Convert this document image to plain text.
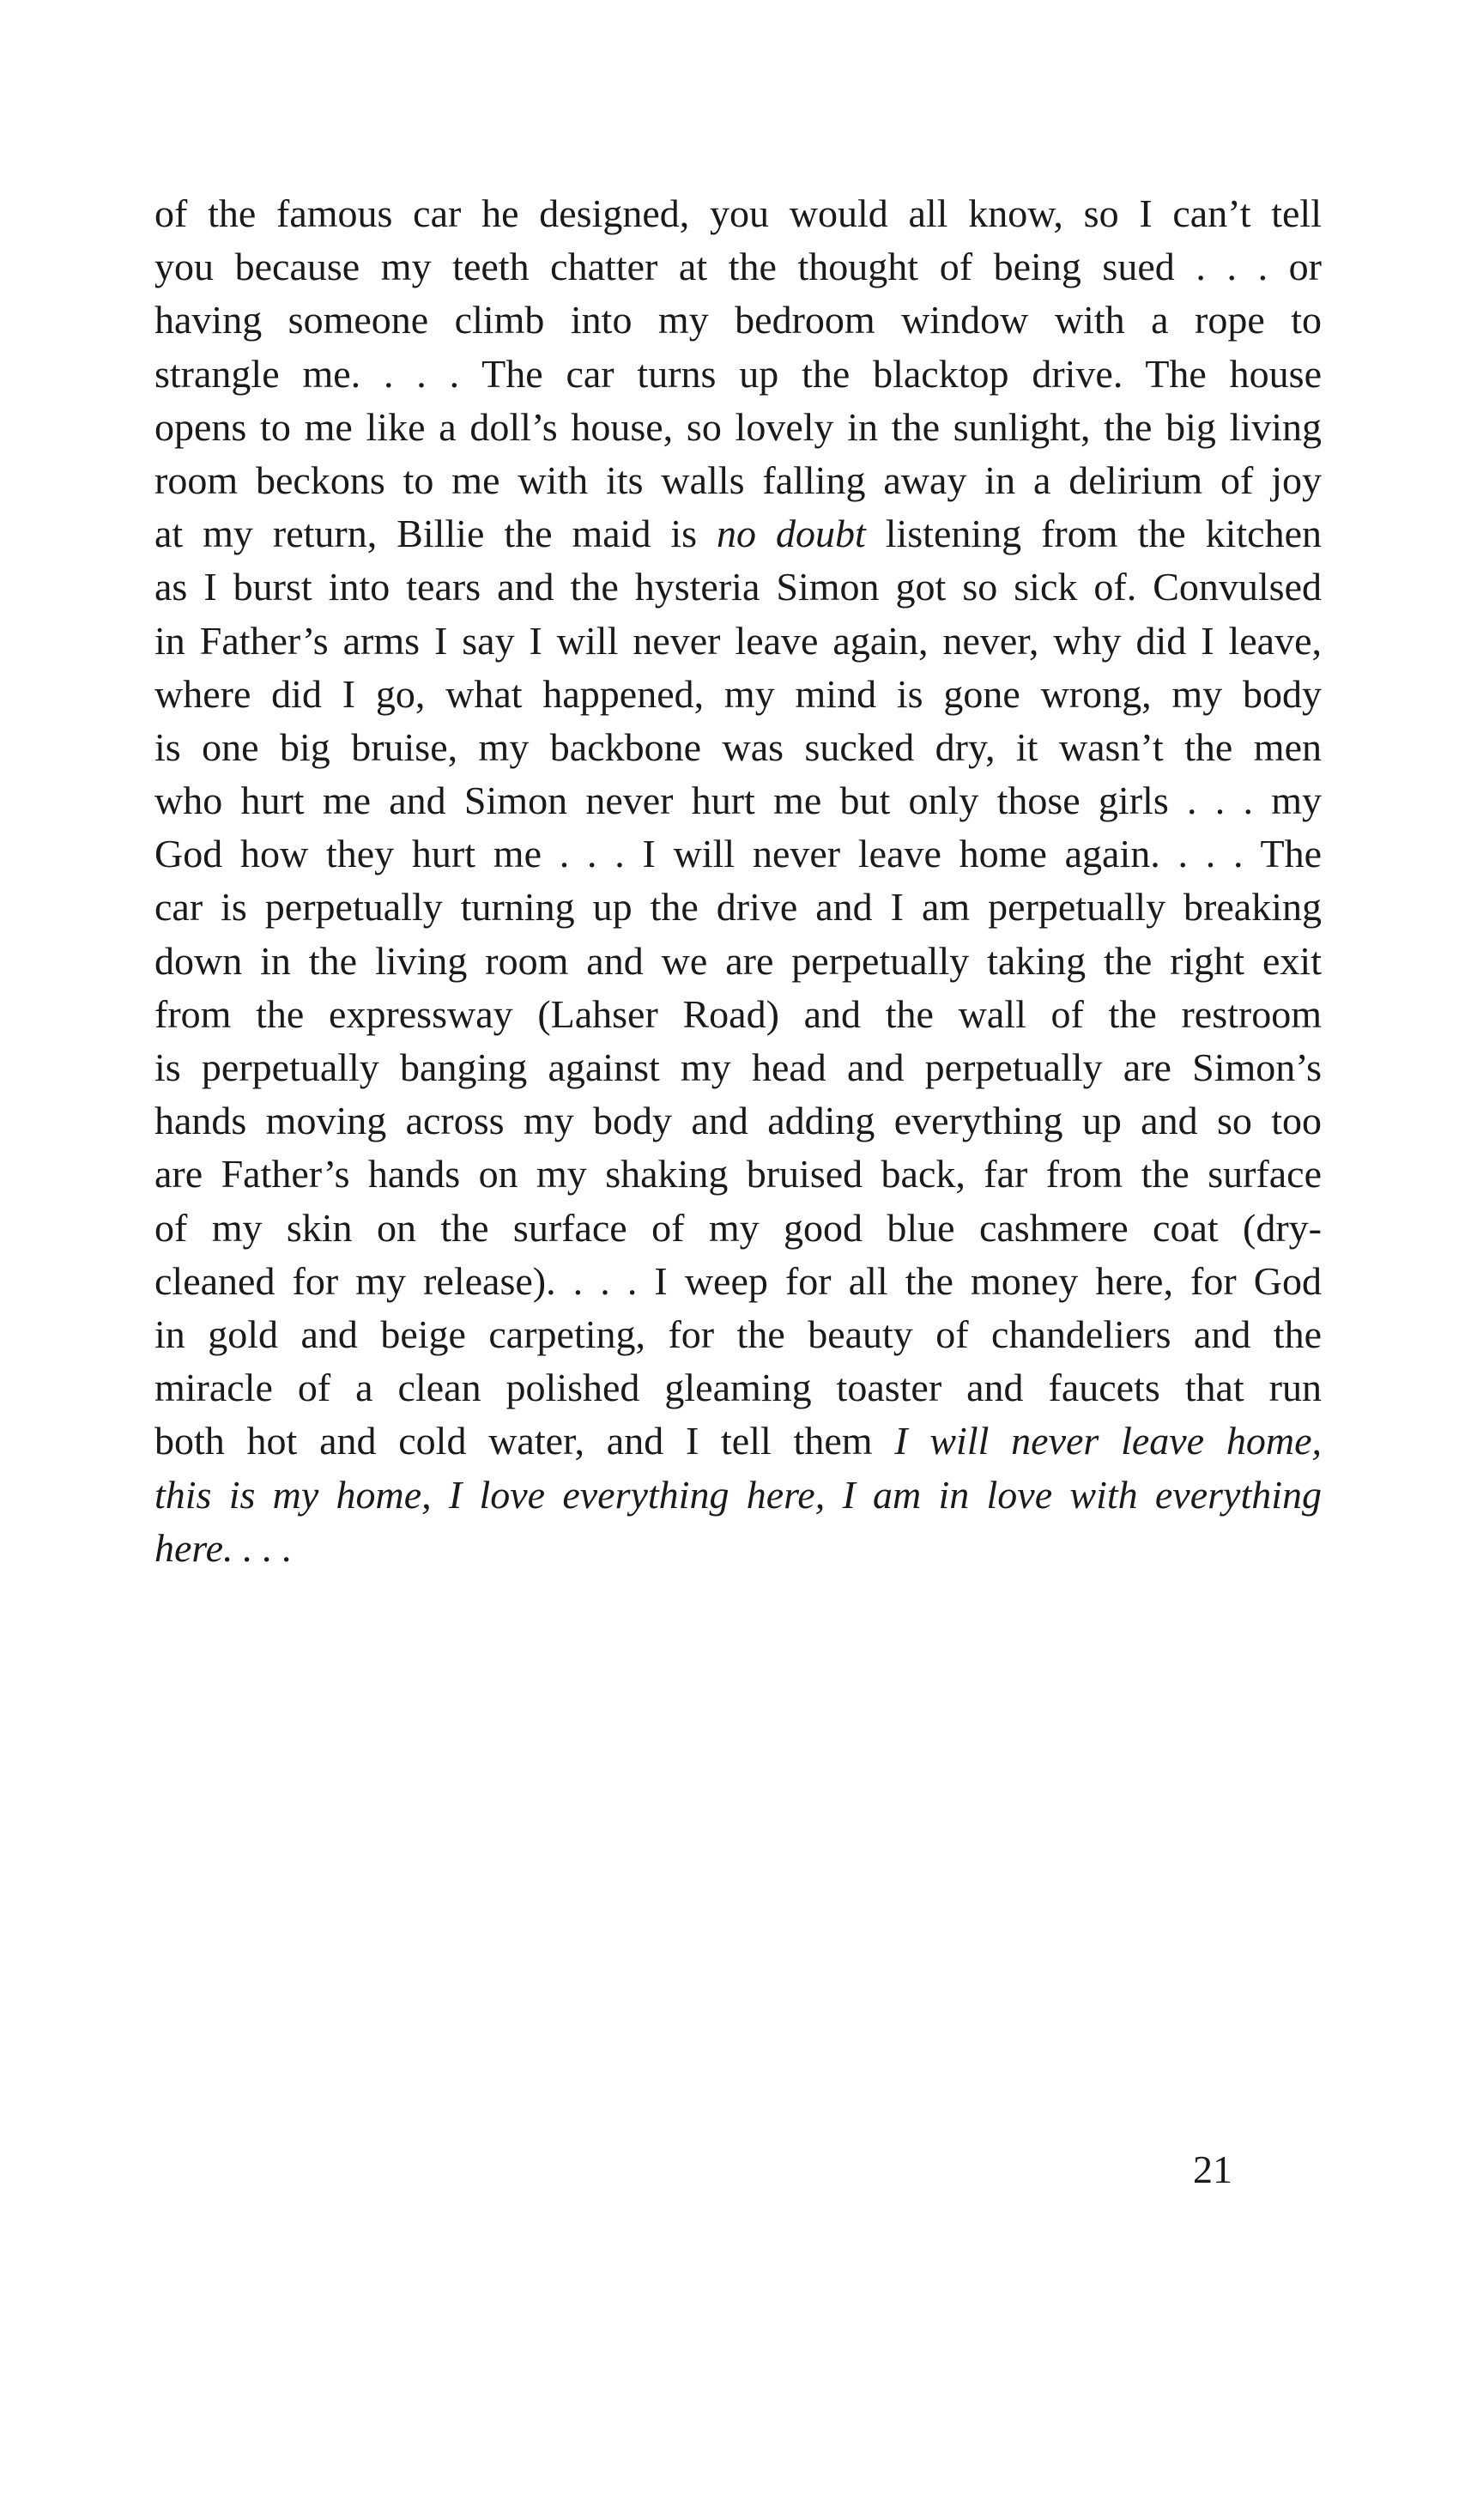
of the famous car he designed, you would all know, so I can’t tell
you because my teeth chatter at the thought of being sued . . . or
having someone climb into my bedroom window with a rope to
strangle me. . . . The car turns up the blacktop drive. The house
opens to me like a doll’s house, so lovely in the sunlight, the big living
room beckons to me with its walls falling away in a delirium of joy
at my return, Billie the maid is no doubt listening from the kitchen
as I burst into tears and the hysteria Simon got so sick of. Convulsed
in Father’s arms I say I will never leave again, never, why did I leave,
where did I go, what happened, my mind is gone wrong, my body
is one big bruise, my backbone was sucked dry, it wasn’t the men
who hurt me and Simon never hurt me but only those girls . . . my
God how they hurt me . . . I will never leave home again. . . . The
car is perpetually turning up the drive and I am perpetually breaking
down in the living room and we are perpetually taking the right exit
from the expressway (Lahser Road) and the wall of the restroom
is perpetually banging against my head and perpetually are Simon’s
hands moving across my body and adding everything up and so too
are Father’s hands on my shaking bruised back, far from the surface
of my skin on the surface of my good blue cashmere coat (dry-
cleaned for my release). . . . I weep for all the money here, for God
in gold and beige carpeting, for the beauty of chandeliers and the
miracle of a clean polished gleaming toaster and faucets that run
both hot and cold water, and I tell them I will never leave home,
this is my home, I love everything here, I am in love with everything
here. . . .
21
